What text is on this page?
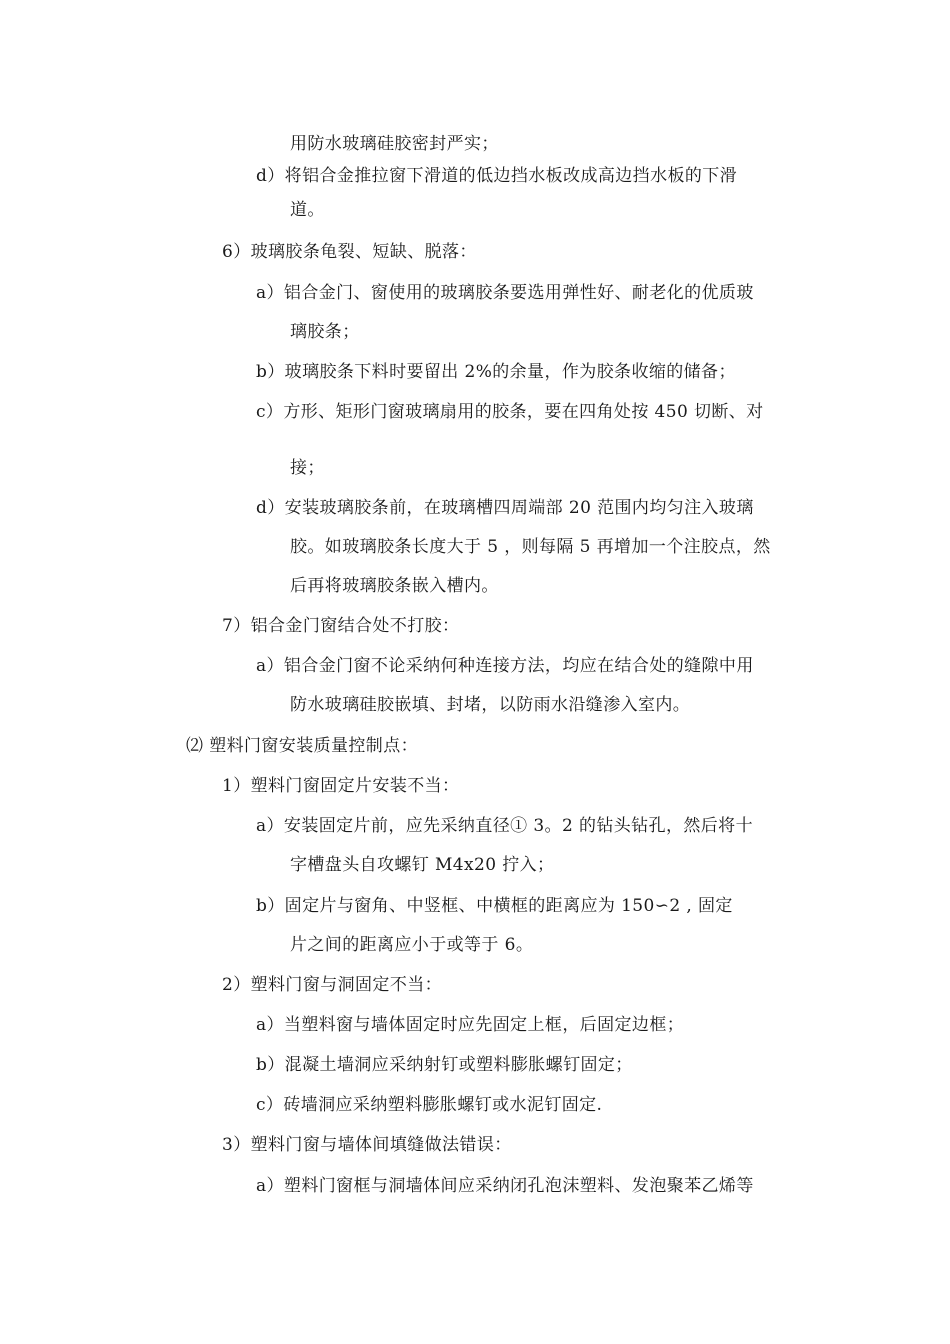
用防水玻璃硅胶密封严实；
d）将铝合金推拉窗下滑道的低边挡水板改成高边挡水板的下滑
道。
6）玻璃胶条龟裂、短缺、脱落：
a）铝合金门、窗使用的玻璃胶条要选用弹性好、耐老化的优质玻
璃胶条；
b）玻璃胶条下料时要留出 2%的余量，作为胶条收缩的储备；
c）方形、矩形门窗玻璃扇用的胶条，要在四角处按 450 切断、对
接；
d）安装玻璃胶条前，在玻璃槽四周端部 20 范围内均匀注入玻璃
胶。如玻璃胶条长度大于 5 ，则每隔 5 再增加一个注胶点，然
后再将玻璃胶条嵌入槽内。
7）铝合金门窗结合处不打胶：
a）铝合金门窗不论采纳何种连接方法，均应在结合处的缝隙中用
防水玻璃硅胶嵌填、封堵，以防雨水沿缝渗入室内。
⑵ 塑料门窗安装质量控制点：
1）塑料门窗固定片安装不当：
a）安装固定片前，应先采纳直径① 3。2 的钻头钻孔，然后将十
字槽盘头自攻螺钉 M4x20 拧入；
b）固定片与窗角、中竖框、中横框的距离应为 150∽2 , 固定
片之间的距离应小于或等于 6。
2）塑料门窗与洞固定不当：
a）当塑料窗与墙体固定时应先固定上框，后固定边框；
b）混凝土墙洞应采纳射钉或塑料膨胀螺钉固定；
c）砖墙洞应采纳塑料膨胀螺钉或水泥钉固定.
3）塑料门窗与墙体间填缝做法错误：
a）塑料门窗框与洞墙体间应采纳闭孔泡沫塑料、发泡聚苯乙烯等
